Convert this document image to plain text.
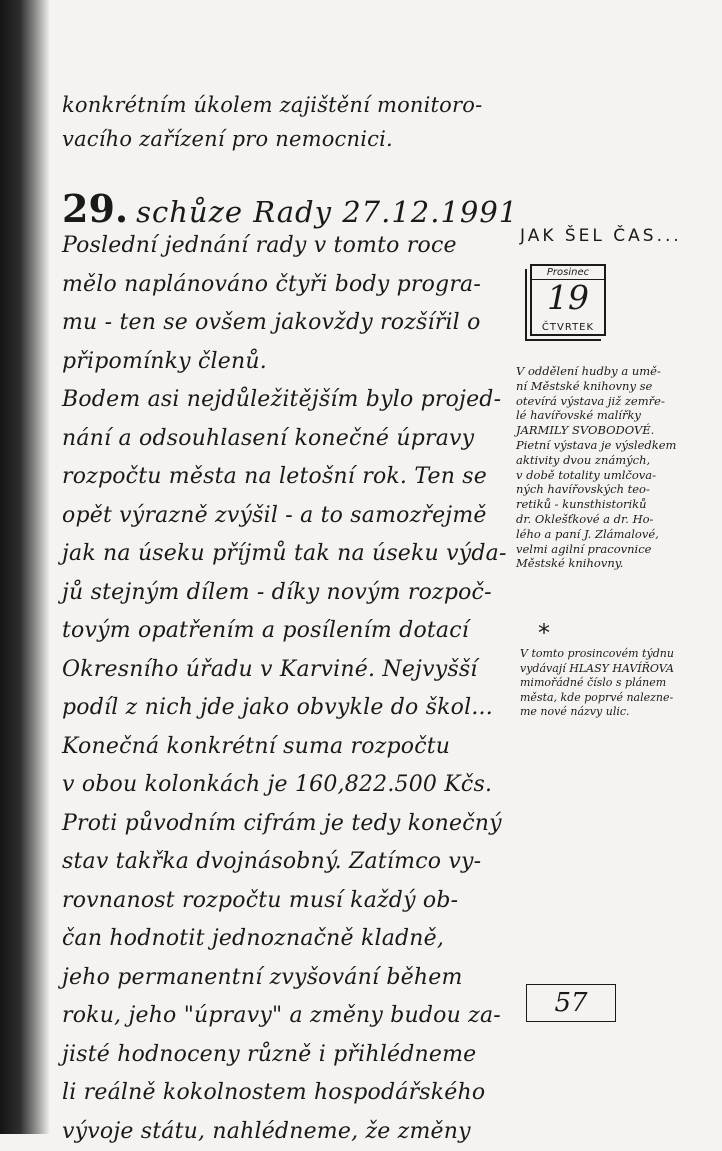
konkrétním úkolem zajištění monitoro-
vacího zařízení pro nemocnici.
29. schůze Rady 27.12.1991
Poslední jednání rady v tomto roce
mělo naplánováno čtyři body progra-
mu - ten se ovšem jakovždy rozšířil o
připomínky členů.
Bodem asi nejdůležitějším bylo projed-
nání a odsouhlasení konečné úpravy
rozpočtu města na letošní rok. Ten se
opět výrazně zvýšil - a to samozřejmě
jak na úseku příjmů tak na úseku výda-
jů stejným dílem - díky novým rozpoč-
tovým opatřením a posílením dotací
Okresního úřadu v Karviné. Nejvyšší
podíl z nich jde jako obvykle do škol...
Konečná konkrétní suma rozpočtu
v obou kolonkách je 160,822.500 Kčs.
Proti původním cifrám je tedy konečný
stav takřka dvojnásobný. Zatímco vy-
rovnanost rozpočtu musí každý ob-
čan hodnotit jednoznačně kladně,
jeho permanentní zvyšování během
roku, jeho "úpravy" a změny budou za-
jisté hodnoceny různě i přihlédneme
li reálně kokolnostem hospodářského
vývoje státu, nahlédneme, že změny
JAK ŠEL ČAS...
Prosinec
19
ČTVRTEK
V oddělení hudby a umě-
ní Městské knihovny se
otevírá výstava již zemře-
lé havířovské malířky
JARMILY SVOBODOVÉ.
Pietní výstava je výsledkem
aktivity dvou známých,
v době totality umlčova-
ných havířovských teo-
retiků - kunsthistoriků
dr. Oklešťkové a dr. Ho-
lého a paní J. Zlámalové,
velmi agilní pracovnice
Městské knihovny.
*
V tomto prosincovém týdnu
vydávají HLASY HAVÍŘOVA
mimořádné číslo s plánem
města, kde poprvé nalezne-
me nové názvy ulic.
57
